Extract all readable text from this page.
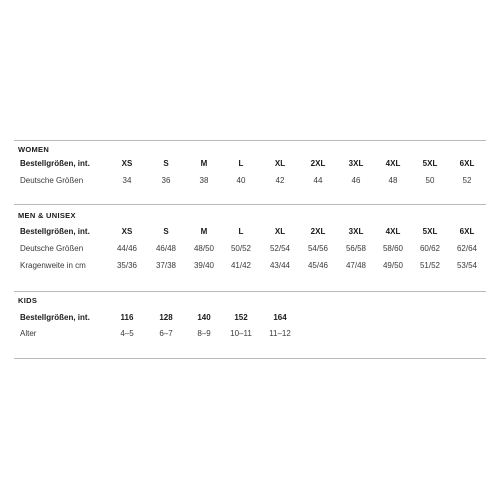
WOMEN
Bestellgrößen, int.	XS	S	M	L	XL	2XL	3XL	4XL	5XL	6XL
Deutsche Größen	34	36	38	40	42	44	46	48	50	52
MEN & UNISEX
Bestellgrößen, int.	XS	S	M	L	XL	2XL	3XL	4XL	5XL	6XL
Deutsche Größen	44/46	46/48	48/50	50/52	52/54	54/56	56/58	58/60	60/62	62/64
Kragenweite in cm	35/36	37/38	39/40	41/42	43/44	45/46	47/48	49/50	51/52	53/54
KIDS
Bestellgrößen, int.	116	128	140	152	164
Alter	4–5	6–7	8–9	10–11	11–12
